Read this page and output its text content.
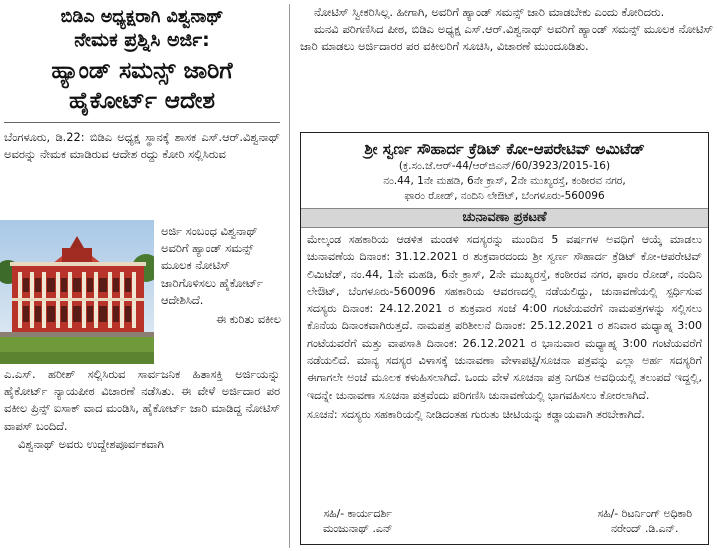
ಬಿಡಿಎ ಅಧ್ಯಕ್ಷರಾಗಿ ವಿಶ್ವನಾಥ್

ನೇಮಕ ಪ್ರಶ್ನಿಸಿ ಅರ್ಜಿ:

ಹ್ಯಾಂಡ್ ಸಮನ್ಸ್ ಜಾರಿಗೆ

ಹೈಕೋರ್ಟ್ ಆದೇಶ

ಬೆಂಗಳೂರು, ಡಿ.22: ಬಿಡಿಎ ಅಧ್ಯಕ್ಷ ಸ್ಥಾನಕ್ಕೆ ಶಾಸಕ ಎಸ್.ಆರ್.ವಿಶ್ವನಾಥ್ ಅವರನ್ನು ನೇಮಕ ಮಾಡಿರುವ ಆದೇಶ ರದ್ದು ಕೋರಿ ಸಲ್ಲಿಸಿರುವ

ಅರ್ಜಿ ಸಂಬಂಧ ವಿಶ್ವನಾಥ್ ಅವರಿಗೆ ಹ್ಯಾಂಡ್ ಸಮನ್ಸ್ ಮೂಲಕ ನೋಟಿಸ್ ಜಾರಿಗೊಳಿಸಲು ಹೈಕೋರ್ಟ್ ಆದೇಶಿಸಿದೆ.

ಈ ಕುರಿತು ವಕೀಲ

ಎ.ಎಸ್. ಹರೀಶ್ ಸಲ್ಲಿಸಿರುವ ಸಾರ್ವಜನಿಕ ಹಿತಾಸಕ್ತಿ ಅರ್ಜಿಯನ್ನು ಹೈಕೋರ್ಟ್ ನ್ಯಾಯಪೀಠ ವಿಚಾರಣೆ ನಡೆಸಿತು. ಈ ವೇಳೆ ಅರ್ಜಿದಾರ ಪರ ವಕೀಲ ಪ್ರಿನ್ಸ್ ಐಸಾಕ್ ವಾದ ಮಂಡಿಸಿ, ಹೈಕೋರ್ಟ್ ಜಾರಿ ಮಾಡಿದ್ದ ನೋಟಿಸ್ ವಾಪಸ್ ಬಂದಿದೆ.

ವಿಶ್ವನಾಥ್ ಅವರು ಉದ್ದೇಶಪೂರ್ವಕವಾಗಿ

ನೋಟಿಸ್ ಸ್ವೀಕರಿಸಿಲ್ಲ. ಹೀಗಾಗಿ, ಅವರಿಗೆ ಹ್ಯಾಂಡ್ ಸಮನ್ಸ್ ಜಾರಿ ಮಾಡಬೇಕು ಎಂದು ಕೋರಿದರು.

ಮನವಿ ಪರಿಗಣಿಸಿದ ಪೀಠ, ಬಿಡಿಎ ಅಧ್ಯಕ್ಷ ಎಸ್.ಆರ್.ವಿಶ್ವನಾಥ್ ಅವರಿಗೆ ಹ್ಯಾಂಡ್ ಸಮನ್ಸ್ ಮೂಲಕ ನೋಟಿಸ್ ಜಾರಿ ಮಾಡಲು ಅರ್ಜಿದಾರರ ಪರ ವಕೀಲರಿಗೆ ಸೂಚಿಸಿ, ವಿಚಾರಣೆ ಮುಂದೂಡಿತು.

ಶ್ರೀ ಸ್ವರ್ಣ ಸೌಹಾರ್ದ ಕ್ರೆಡಿಟ್ ಕೋ-ಆಪರೇಟಿವ್ ಅಮಿಟೆಡ್
(ಕ್ರ.ಸಂ.ಜೆ.ಆರ್-44/ಆರ್‌ಜಿಎನ್/60/3923/2015-16)
ನಂ.44, 1ನೇ ಮಹಡಿ, 6ನೇ ಕ್ರಾಸ್, 2ನೇ ಮುಖ್ಯರಸ್ತೆ, ಕಂಠೀರವ ನಗರ,
ಫಾರಂ ರೋಡ್, ನಂದಿನಿ ಲೇಔಟ್, ಬೆಂಗಳೂರು-560096
ಚುನಾವಣಾ ಪ್ರಕಟಣೆ

ಮೇಲ್ಕಂಡ ಸಹಕಾರಿಯ ಆಡಳಿತ ಮಂಡಳಿ ಸದಸ್ಯರನ್ನು ಮುಂದಿನ 5 ವರ್ಷಗಳ ಅವಧಿಗೆ ಆಯ್ಕೆ ಮಾಡಲು ಚುನಾವಣೆಯ ದಿನಾಂಕ: 31.12.2021 ರ ಶುಕ್ರವಾರದಂದು ಶ್ರೀ ಸ್ವರ್ಣ ಸೌಹಾರ್ದ ಕ್ರೆಡಿಟ್ ಕೋ-ಆಪರೇಟಿವ್ ಲಿಮಿಟೆಡ್, ನಂ.44, 1ನೇ ಮಹಡಿ, 6ನೇ ಕ್ರಾಸ್, 2ನೇ ಮುಖ್ಯರಸ್ತೆ, ಕಂಠೀರವ ನಗರ, ಫಾರಂ ರೋಡ್, ನಂದಿನಿ ಲೇಔಟ್, ಬೆಂಗಳೂರು-560096 ಸಹಕಾರಿಯ ಆವರಣದಲ್ಲಿ ನಡೆಯಲಿದ್ದು, ಚುನಾವಣೆಯಲ್ಲಿ ಸ್ಪರ್ಧಿಸುವ ಸದಸ್ಯರು ದಿನಾಂಕ: 24.12.2021 ರ ಶುಕ್ರವಾರ ಸಂಜೆ 4:00 ಗಂಟೆಯವರೆಗೆ ನಾಮಪತ್ರಗಳನ್ನು ಸಲ್ಲಿಸಲು ಕೊನೆಯ ದಿನಾಂಕವಾಗಿರುತ್ತದೆ. ನಾಮಪತ್ರ ಪರಿಶೀಲನೆ ದಿನಾಂಕ: 25.12.2021 ರ ಶನಿವಾರ ಮಧ್ಯಾಹ್ನ 3:00 ಗಂಟೆಯವರೆಗೆ ಮತ್ತು ವಾಪಸಾತಿ ದಿನಾಂಕ: 26.12.2021 ರ ಭಾನುವಾರ ಮಧ್ಯಾಹ್ನ 3:00 ಗಂಟೆಯವರೆಗೆ ನಡೆಯಲಿದೆ. ಮಾನ್ಯ ಸದಸ್ಯರ ವಿಳಾಸಕ್ಕೆ ಚುನಾವಣಾ ವೇಳಾಪಟ್ಟಿ/ಸೂಚನಾ ಪತ್ರವನ್ನು ಎಲ್ಲಾ ಅರ್ಹ ಸದಸ್ಯರಿಗೆ ಈಗಾಗಲೇ ಅಂಚೆ ಮೂಲಕ ಕಳುಹಿಸಲಾಗಿದೆ. ಒಂದು ವೇಳೆ ಸೂಚನಾ ಪತ್ರ ನಿಗದಿತ ಅವಧಿಯಲ್ಲಿ ತಲುಪದೆ ಇದ್ದಲ್ಲಿ, ಇದನ್ನೇ ಚುನಾವಣಾ ಸೂಚನಾ ಪತ್ರವೆಂದು ಪರಿಗಣಿಸಿ ಚುನಾವಣೆಯಲ್ಲಿ ಭಾಗವಹಿಸಲು ಕೋರಲಾಗಿದೆ.

ಸೂಚನೆ: ಸದಸ್ಯರು ಸಹಕಾರಿಯಲ್ಲಿ ನೀಡಿದಂತಹ ಗುರುತು ಚೀಟಿಯನ್ನು ಕಡ್ಡಾಯವಾಗಿ ತರಬೇಕಾಗಿದೆ.

ಸಹಿ/- ಕಾರ್ಯದರ್ಶಿ
ಮಂಜುನಾಥ್ .ಎನ್
ಸಹಿ/- ರಿಟರ್ನಿಂಗ್ ಅಧಿಕಾರಿ
ನರೇಂದ್ .ಡಿ.ಎನ್.
